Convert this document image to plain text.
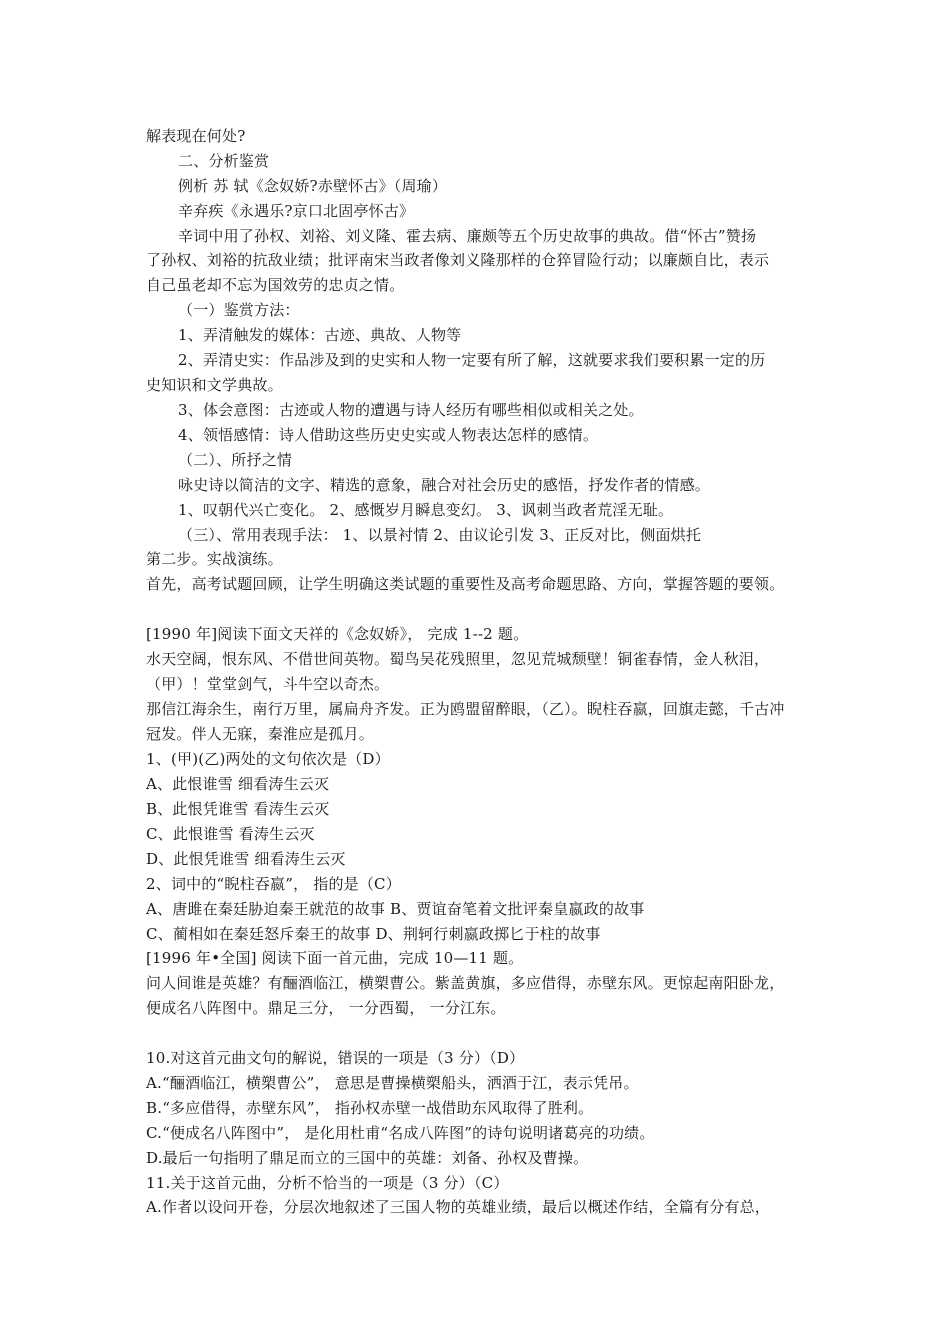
解表现在何处?
二、分析鉴赏
例析 苏 轼《念奴娇?赤壁怀古》（周瑜）
辛弃疾《永遇乐?京口北固亭怀古》
辛词中用了孙权、刘裕、刘义隆、霍去病、廉颇等五个历史故事的典故。借“怀古”赞扬
了孙权、刘裕的抗敌业绩；批评南宋当政者像刘义隆那样的仓猝冒险行动；以廉颇自比，表示
自己虽老却不忘为国效劳的忠贞之情。
（一）鉴赏方法：
1、弄清触发的媒体：古迹、典故、人物等
2、弄清史实：作品涉及到的史实和人物一定要有所了解，这就要求我们要积累一定的历
史知识和文学典故。
3、体会意图：古迹或人物的遭遇与诗人经历有哪些相似或相关之处。
4、领悟感情：诗人借助这些历史史实或人物表达怎样的感情。
（二）、所抒之情
咏史诗以简洁的文字、精选的意象，融合对社会历史的感悟，抒发作者的情感。
1、叹朝代兴亡变化。 2、感慨岁月瞬息变幻。 3、讽刺当政者荒淫无耻。
（三）、常用表现手法： 1、以景衬情 2、由议论引发 3、正反对比，侧面烘托
第二步。实战演练。
首先，高考试题回顾，让学生明确这类试题的重要性及高考命题思路、方向，掌握答题的要领。
[1990 年]阅读下面文天祥的《念奴娇》， 完成 1--2 题。
水天空阔，恨东风、不借世间英物。蜀鸟吴花残照里，忽见荒城颓壁！铜雀春情，金人秋泪，
（甲）！堂堂剑气，斗牛空以奇杰。
那信江海余生，南行万里，属扁舟齐发。正为鸥盟留醉眼，（乙）。睨柱吞嬴，回旗走懿，千古冲
冠发。伴人无寐，秦淮应是孤月。
1、(甲)(乙)两处的文句依次是（D）
A、此恨谁雪 细看涛生云灭
B、此恨凭谁雪 看涛生云灭
C、此恨谁雪 看涛生云灭
D、此恨凭谁雪 细看涛生云灭
2、词中的“睨柱吞嬴”， 指的是（C）
A、唐雎在秦廷胁迫秦王就范的故事 B、贾谊奋笔着文批评秦皇嬴政的故事
C、蔺相如在秦廷怒斥秦王的故事 D、荆轲行刺嬴政掷匕于柱的故事
[1996 年•全国] 阅读下面一首元曲，完成 10—11 题。
问人间谁是英雄？有酾酒临江，横槊曹公。紫盖黄旗，多应借得，赤壁东风。更惊起南阳卧龙，
便成名八阵图中。鼎足三分， 一分西蜀， 一分江东。
10.对这首元曲文句的解说，错误的一项是（3 分）（D）
A.“酾酒临江，横槊曹公”， 意思是曹操横槊船头，洒酒于江，表示凭吊。
B.“多应借得，赤壁东风”， 指孙权赤壁一战借助东风取得了胜利。
C.“便成名八阵图中”， 是化用杜甫“名成八阵图”的诗句说明诸葛亮的功绩。
D.最后一句指明了鼎足而立的三国中的英雄：刘备、孙权及曹操。
11.关于这首元曲，分析不恰当的一项是（3 分）（C）
A.作者以设问开卷，分层次地叙述了三国人物的英雄业绩，最后以概述作结，全篇有分有总，
